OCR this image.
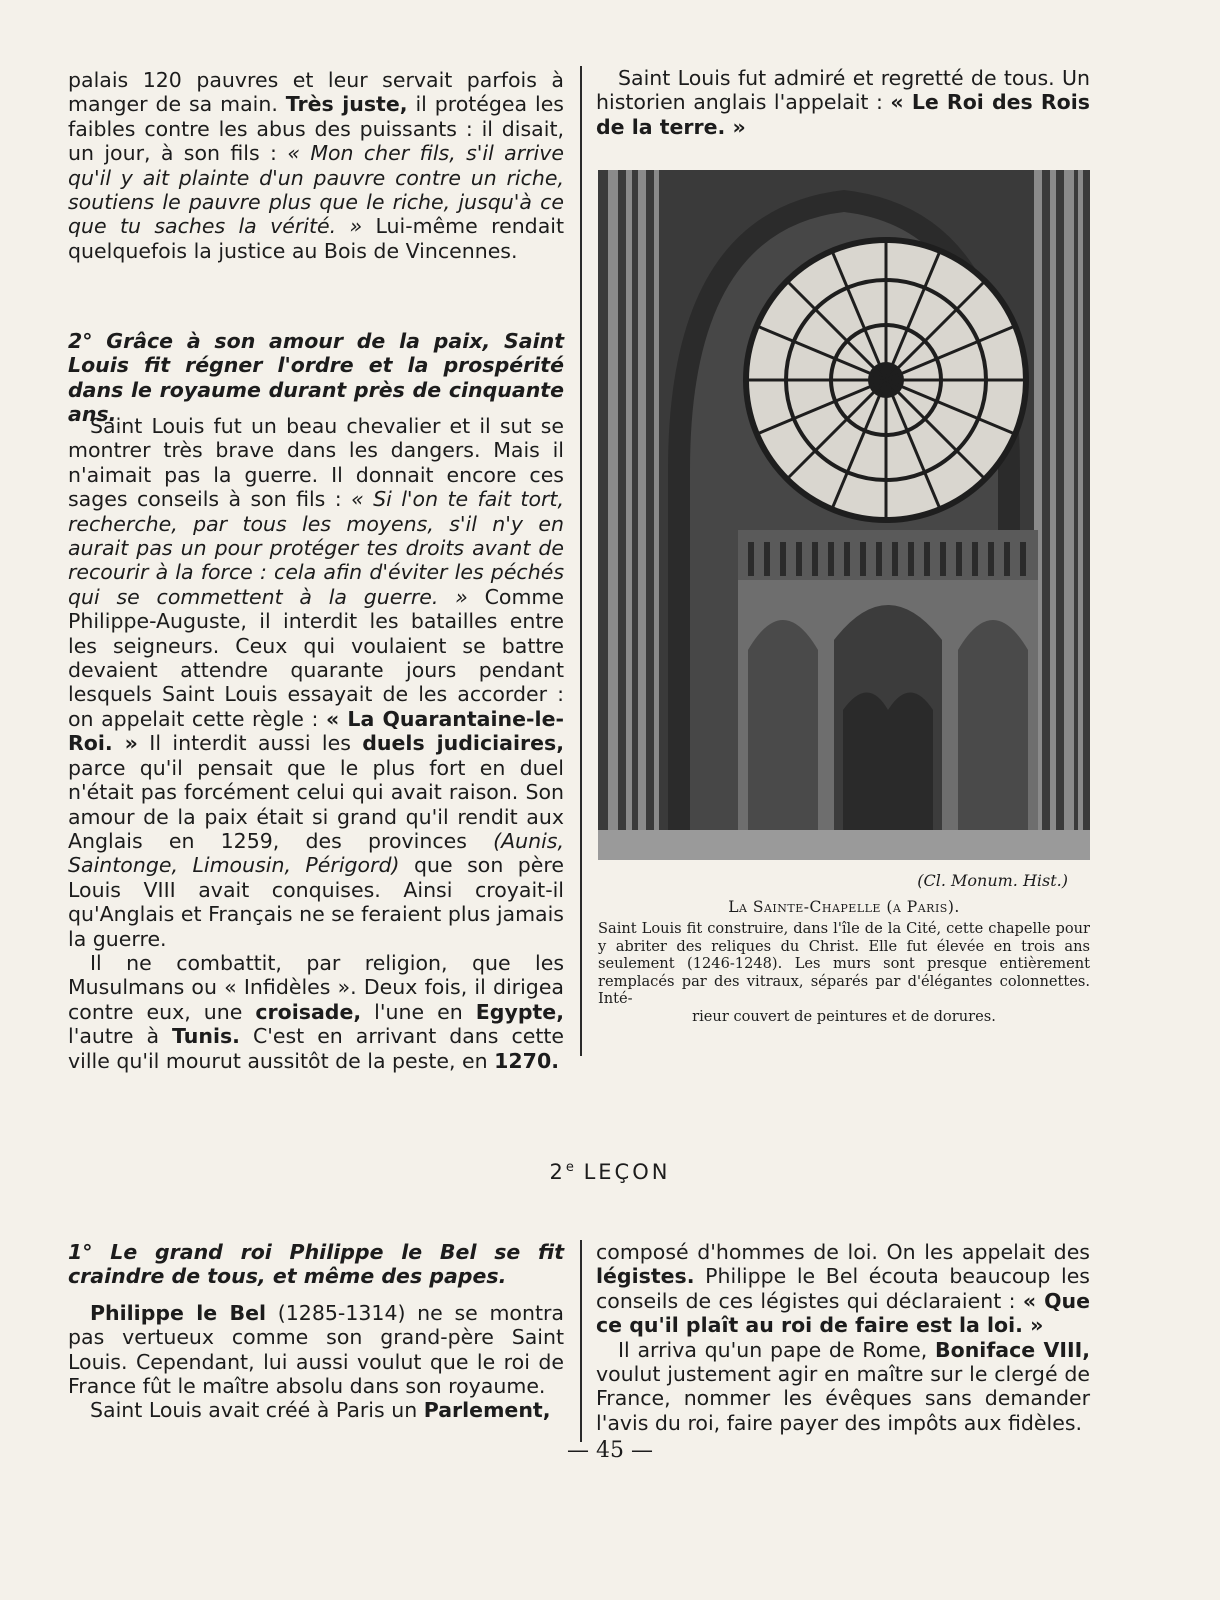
palais 120 pauvres et leur servait parfois à manger de sa main. Très juste, il protégea les faibles contre les abus des puissants : il disait, un jour, à son fils : « Mon cher fils, s'il arrive qu'il y ait plainte d'un pauvre contre un riche, soutiens le pauvre plus que le riche, jusqu'à ce que tu saches la vérité. » Lui-même rendait quelquefois la justice au Bois de Vincennes.

2° Grâce à son amour de la paix, Saint Louis fit régner l'ordre et la prospérité dans le royaume durant près de cinquante ans.

Saint Louis fut un beau chevalier et il sut se montrer très brave dans les dangers. Mais il n'aimait pas la guerre. Il donnait encore ces sages conseils à son fils : « Si l'on te fait tort, recherche, par tous les moyens, s'il n'y en aurait pas un pour protéger tes droits avant de recourir à la force : cela afin d'éviter les péchés qui se commettent à la guerre. » Comme Philippe-Auguste, il interdit les batailles entre les seigneurs. Ceux qui voulaient se battre devaient attendre quarante jours pendant lesquels Saint Louis essayait de les accorder : on appelait cette règle : « La Quarantaine-le-Roi. » Il interdit aussi les duels judiciaires, parce qu'il pensait que le plus fort en duel n'était pas forcément celui qui avait raison. Son amour de la paix était si grand qu'il rendit aux Anglais en 1259, des provinces (Aunis, Saintonge, Limousin, Périgord) que son père Louis VIII avait conquises. Ainsi croyait-il qu'Anglais et Français ne se feraient plus jamais la guerre.

Il ne combattit, par religion, que les Musulmans ou « Infidèles ». Deux fois, il dirigea contre eux, une croisade, l'une en Egypte, l'autre à Tunis. C'est en arrivant dans cette ville qu'il mourut aussitôt de la peste, en 1270.

Saint Louis fut admiré et regretté de tous. Un historien anglais l'appelait : « Le Roi des Rois de la terre. »

(Cl. Monum. Hist.)
La Sainte-Chapelle (a Paris).
Saint Louis fit construire, dans l'île de la Cité, cette chapelle pour y abriter des reliques du Christ. Elle fut élevée en trois ans seulement (1246-1248). Les murs sont presque entièrement remplacés par des vitraux, séparés par d'élégantes colonnettes. Inté-
rieur couvert de peintures et de dorures.
2e LEÇON

1° Le grand roi Philippe le Bel se fit craindre de tous, et même des papes.

Philippe le Bel (1285-1314) ne se montra pas vertueux comme son grand-père Saint Louis. Cependant, lui aussi voulut que le roi de France fût le maître absolu dans son royaume.

Saint Louis avait créé à Paris un Parlement,

composé d'hommes de loi. On les appelait des légistes. Philippe le Bel écouta beaucoup les conseils de ces légistes qui déclaraient : « Que ce qu'il plaît au roi de faire est la loi. »

Il arriva qu'un pape de Rome, Boniface VIII, voulut justement agir en maître sur le clergé de France, nommer les évêques sans demander l'avis du roi, faire payer des impôts aux fidèles.

— 45 —
